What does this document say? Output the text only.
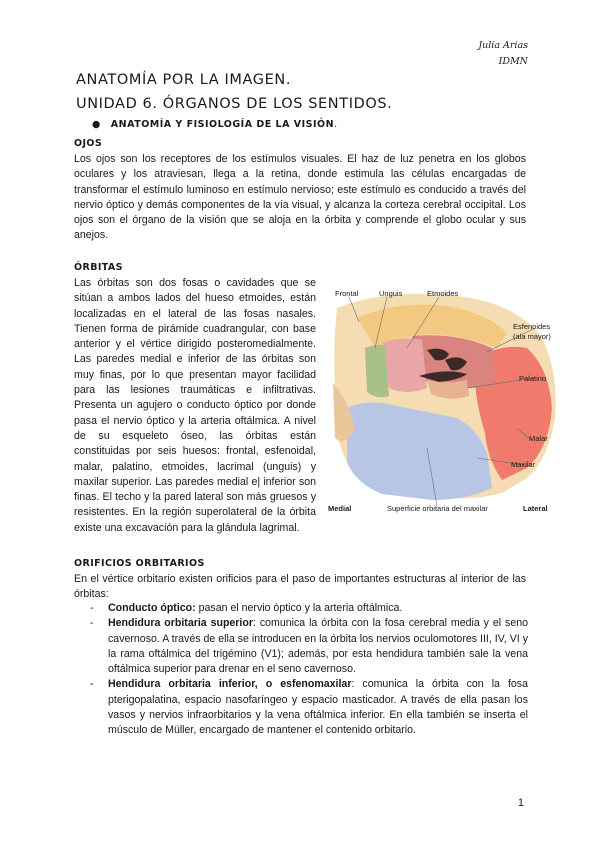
Julia Arias
IDMN
ANATOMÍA POR LA IMAGEN.
UNIDAD 6. ÓRGANOS DE LOS SENTIDOS.
● ANATOMÍA Y FISIOLOGÍA DE LA VISIÓN.
OJOS

Los ojos son los receptores de los estímulos visuales. El haz de luz penetra en los globos oculares y los atraviesan, llega a la retina, donde estimula las células encargadas de transformar el estímulo luminoso en estímulo nervioso; este estímulo es conducido a través del nervio óptico y demás componentes de la vía visual, y alcanza la corteza cerebral occipital. Los ojos son el órgano de la visión que se aloja en la órbita y comprende el globo ocular y sus anejos.

ÓRBITAS

Las órbitas son dos fosas o cavidades que se sitúan a ambos lados del hueso etmoides, están localizadas en el lateral de las fosas nasales. Tienen forma de pirámide cuadrangular, con base anterior y el vértice dirigido posteromedialmente. Las paredes medial e inferior de las órbitas son muy finas, por lo que presentan mayor facilidad para las lesiones traumáticas e infiltrativas. Presenta un agujero o conducto óptico por donde pasa el nervio óptico y la arteria oftálmica. A nivel de su esqueleto óseo, las órbitas están constituidas por seis huesos: frontal, esfenoidal, malar, palatino, etmoides, lacrimal (unguis) y maxilar superior. Las paredes medial e| inferior son finas. El techo y la pared lateral son más gruesos y resistentes. En la región superolateral de la órbita existe una excavación para la glándula lagrimal.

Frontal	Unguis	Etmoides
Esfenoides
(ala mayor)
Palatino
Malar
Maxilar
Medial	Superficie orbitaria del maxilar	Lateral
ORIFICIOS ORBITARIOS

En el vértice orbitario existen orificios para el paso de importantes estructuras al interior de las órbitas:

- Conducto óptico: pasan el nervio óptico y la arteria oftálmica.
- Hendidura orbitaria superior: comunica la órbita con la fosa cerebral media y el seno cavernoso. A través de ella se introducen en la órbita los nervios oculomotores III, IV, VI y la rama oftálmica del trigémino (V1); además, por esta hendidura también sale la vena oftálmica superior para drenar en el seno cavernoso.
- Hendidura orbitaria inferior, o esfenomaxilar: comunica la órbita con la fosa pterigopalatina, espacio nasofaríngeo y espacio masticador. A través de ella pasan los vasos y nervios infraorbitarios y la vena oftálmica inferior. En ella también se inserta el músculo de Müller, encargado de mantener el contenido orbitario.
1
